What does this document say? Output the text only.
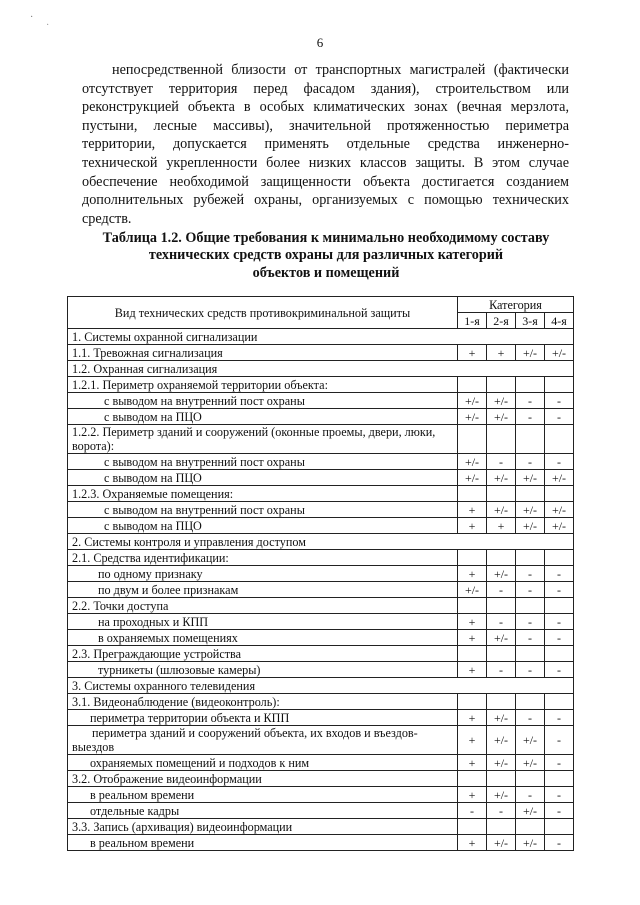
·
·
6

непосредственной близости от транспортных магистралей (фактически отсутствует территория перед фасадом здания), строительством или реконструкцией объекта в особых климатических зонах (вечная мерзлота, пустыни, лесные массивы), значительной протяженностью периметра территории, допускается применять отдельные средства инженерно-технической укрепленности более низких классов защиты. В этом случае обеспечение необходимой защищенности объекта достигается созданием дополнительных рубежей охраны, организуемых с помощью технических средств.

Таблица 1.2. Общие требования к минимально необходимому составу
технических средств охраны для различных категорий
объектов и помещений
Вид технических средств противокриминальной защиты	Категория			
	1-я	2-я	3-я	4-я
1. Системы охранной сигнализации				
1.1. Тревожная сигнализация	+	+	+/-	+/-
1.2. Охранная сигнализация				
1.2.1. Периметр охраняемой территории объекта:				
с выводом на внутренний пост охраны	+/-	+/-	-	-
с выводом на ПЦО	+/-	+/-	-	-
1.2.2. Периметр зданий и сооружений (оконные проемы, двери, люки, ворота):				
с выводом на внутренний пост охраны	+/-	-	-	-
с выводом на ПЦО	+/-	+/-	+/-	+/-
1.2.3. Охраняемые помещения:				
с выводом на внутренний пост охраны	+	+/-	+/-	+/-
с выводом на ПЦО	+	+	+/-	+/-
2. Системы контроля и управления доступом				
2.1. Средства идентификации:				
по одному признаку	+	+/-	-	-
по двум и более признакам	+/-	-	-	-
2.2. Точки доступа				
на проходных и КПП	+	-	-	-
в охраняемых помещениях	+	+/-	-	-
2.3. Преграждающие устройства				
турникеты (шлюзовые камеры)	+	-	-	-
3. Системы охранного телевидения				
3.1. Видеонаблюдение (видеоконтроль):				
периметра территории объекта и КПП	+	+/-	-	-
периметра зданий и сооружений объекта, их входов и въездов-выездов	+	+/-	+/-	-
охраняемых помещений и подходов к ним	+	+/-	+/-	-
3.2. Отображение видеоинформации				
в реальном времени	+	+/-	-	-
отдельные кадры	-	-	+/-	-
3.3. Запись (архивация) видеоинформации				
в реальном времени	+	+/-	+/-	-
